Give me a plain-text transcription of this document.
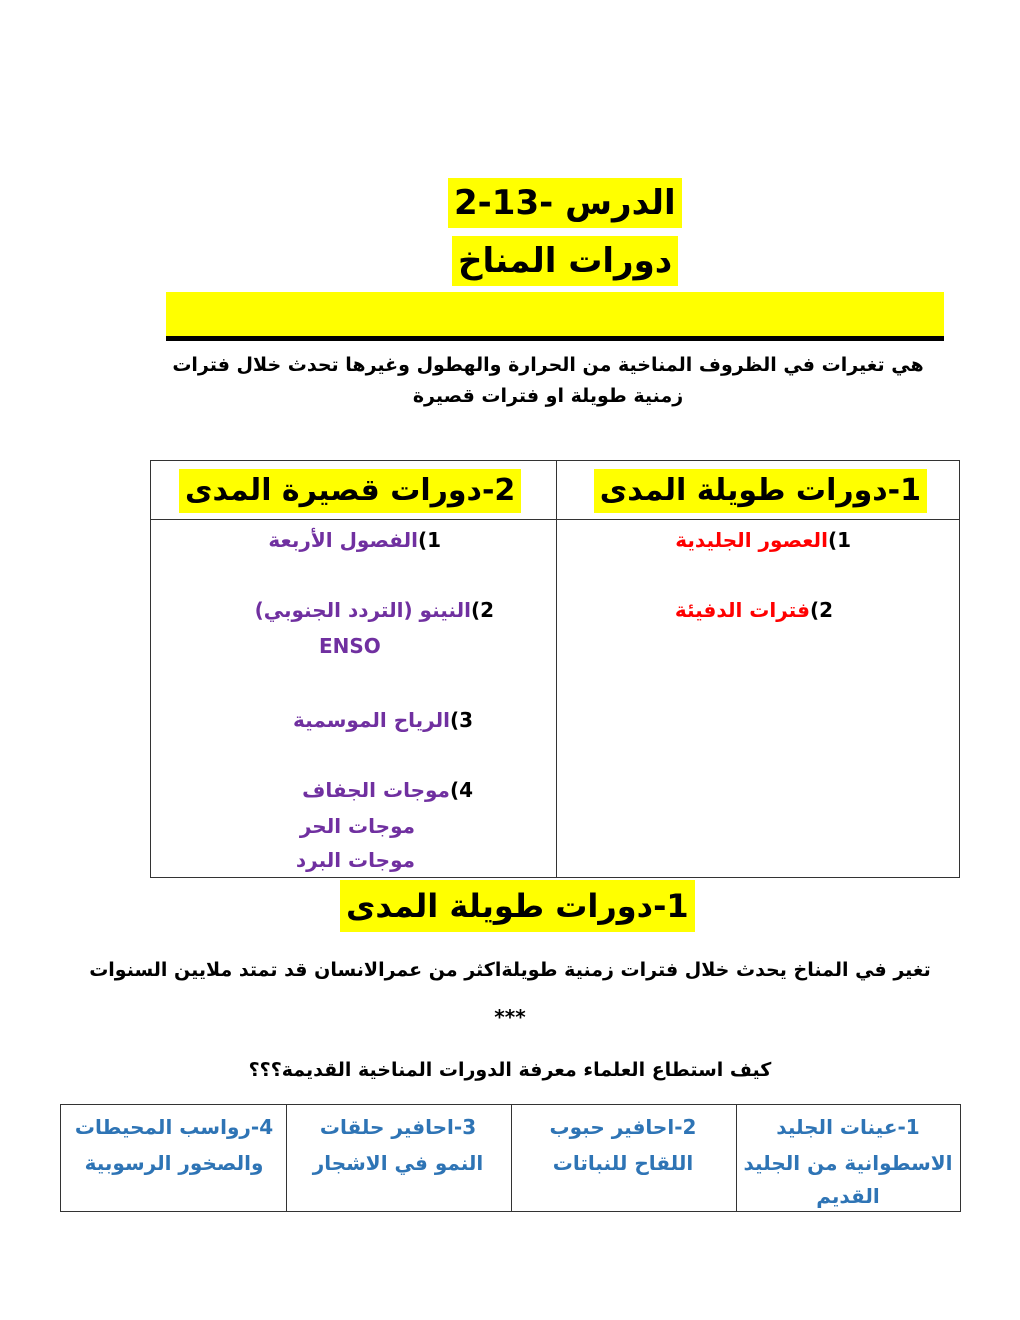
الدرس -13-2
دورات المناخ
هي تغيرات في الظروف المناخية من الحرارة والهطول وغيرها تحدث خلال فترات
زمنية طويلة او فترات قصيرة
1-دورات طويلة المدى
2-دورات قصيرة المدى
1)العصور الجليدية
2)فترات الدفيئة
1)الفصول الأربعة
2)النينو (التردد الجنوبي)
ENSO
3)الرياح الموسمية
4)موجات الجفاف
موجات الحر
موجات البرد
1-دورات طويلة المدى
تغير في المناخ يحدث خلال فترات زمنية طويلةاكثر من عمرالانسان قد تمتد ملايين السنوات
***
كيف استطاع العلماء معرفة الدورات المناخية القديمة؟؟؟
1-عينات الجليد
الاسطوانية من الجليد
القديم
2-احافير حبوب
اللقاح للنباتات
3-احافير حلقات
النمو في الاشجار
4-رواسب المحيطات
والصخور الرسوبية
